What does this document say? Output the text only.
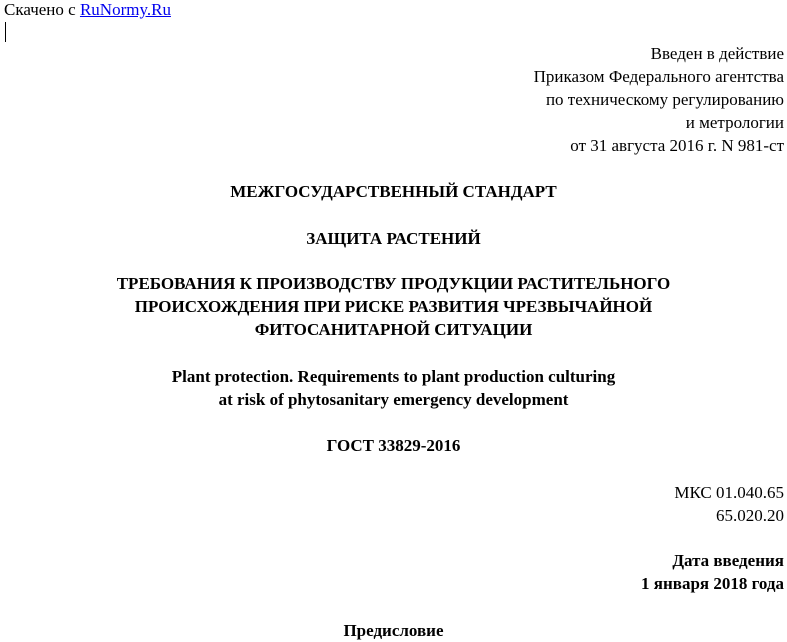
Скачено с RuNormy.Ru
Введен в действие
Приказом Федерального агентства
по техническому регулированию
и метрологии
от 31 августа 2016 г. N 981-ст
МЕЖГОСУДАРСТВЕННЫЙ СТАНДАРТ
ЗАЩИТА РАСТЕНИЙ
ТРЕБОВАНИЯ К ПРОИЗВОДСТВУ ПРОДУКЦИИ РАСТИТЕЛЬНОГО
ПРОИСХОЖДЕНИЯ ПРИ РИСКЕ РАЗВИТИЯ ЧРЕЗВЫЧАЙНОЙ
ФИТОСАНИТАРНОЙ СИТУАЦИИ
Plant protection. Requirements to plant production culturing
at risk of phytosanitary emergency development
ГОСТ 33829-2016
МКС 01.040.65
65.020.20
Дата введения
1 января 2018 года
Предисловие
